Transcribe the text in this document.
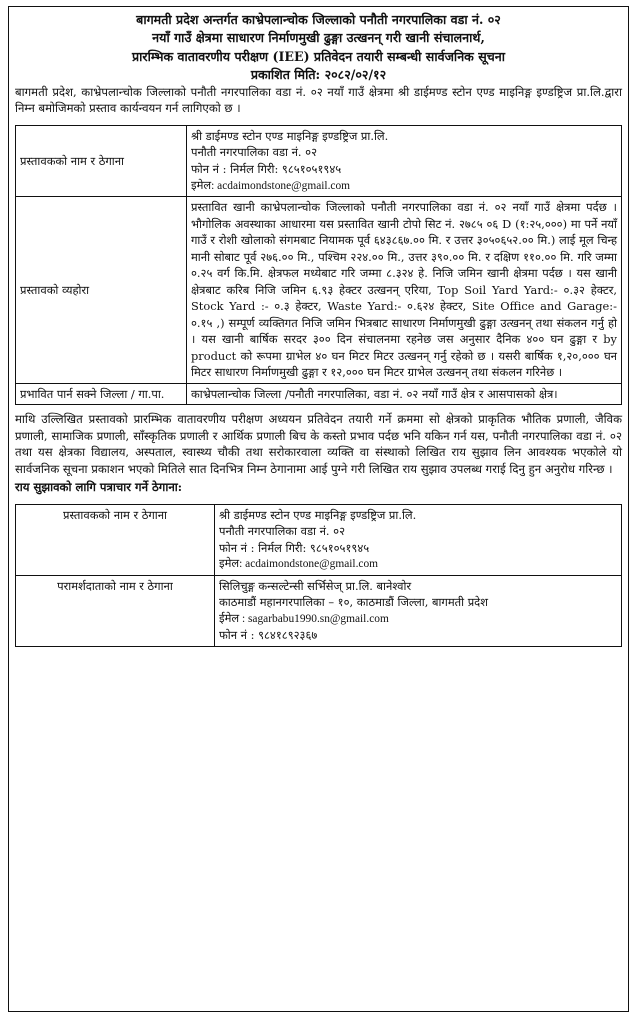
बागमती प्रदेश अन्तर्गत काभ्रेपलान्चोक जिल्लाको पनौती नगरपालिका वडा नं. ०२
नयाँ गाउँ क्षेत्रमा साधारण निर्माणमुखी ढुङ्गा उत्खनन् गरी खानी संचालनार्थ,
प्रारम्भिक वातावरणीय परीक्षण (IEE) प्रतिवेदन तयारी सम्बन्धी सार्वजनिक सूचना
प्रकाशित मिति: २०८२/०२/१२

बागमती प्रदेश, काभ्रेपलान्चोक जिल्लाको पनौती नगरपालिका वडा नं. ०२ नयाँ गाउँ क्षेत्रमा श्री डाईमण्ड स्टोन एण्ड माइनिङ्ग इण्डष्ट्रिज प्रा.लि.द्वारा निम्न बमोजिमको प्रस्ताव कार्यन्वयन गर्न लागिएको छ ।

प्रस्तावकको नाम र ठेगाना	श्री डाईमण्ड स्टोन एण्ड माइनिङ्ग इण्डष्ट्रिज प्रा.लि.
पनौती नगरपालिका वडा नं. ०२
फोन नं : निर्मल गिरी: ९८५१०५१९४५
इमेल: acdaimondstone@gmail.com

प्रस्तावको व्यहोरा	प्रस्तावित खानी काभ्रेपलान्चोक जिल्लाको पनौती नगरपालिका वडा नं. ०२ नयाँ गाउँ क्षेत्रमा पर्दछ । भौगोलिक अवस्थाका आधारमा यस प्रस्तावित खानी टोपो सिट नं. २७८५ ०६ D (१:२५,०००) मा पर्ने नयाँ गाउँ र रोशी खोलाको संगमबाट नियामक पूर्व ६४३८६७.०० मि. र उत्तर ३०५०६५२.०० मि.) लाई मूल चिन्ह मानी सोबाट पूर्व २७६.०० मि., पश्चिम २२४.०० मि., उत्तर ३९०.०० मि. र दक्षिण ११०.०० मि. गरि जम्मा ०.२५ वर्ग कि.मि. क्षेत्रफल मध्येबाट गरि जम्मा ८.३२४ हे. निजि जमिन खानी क्षेत्रमा पर्दछ । यस खानी क्षेत्रबाट करिब निजि जमिन ६.९३ हेक्टर उत्खनन् एरिया, Top Soil Yard Yard:- ०.३२ हेक्टर, Stock Yard :- ०.३ हेक्टर, Waste Yard:- ०.६२४ हेक्टर, Site Office and Garage:- ०.१५ ,) सम्पूर्ण व्यक्तिगत निजि जमिन भित्रबाट साधारण निर्माणमुखी ढुङ्गा उत्खनन् तथा संकलन गर्नु हो । यस खानी बार्षिक सरदर ३०० दिन संचालनमा रहनेछ जस अनुसार दैनिक ४०० घन ढुङ्गा र by product को रूपमा ग्राभेल ४० घन मिटर मिटर उत्खनन् गर्नु रहेको छ । यसरी बार्षिक १,२०,००० घन मिटर साधारण निर्माणमुखी ढुङ्गा र १२,००० घन मिटर ग्राभेल उत्खनन् तथा संकलन गरिनेछ ।
प्रभावित पार्न सक्ने जिल्ला / गा.पा.	काभ्रेपलान्चोक जिल्ला /पनौती नगरपालिका, वडा नं. ०२ नयाँ गाउँ क्षेत्र र आसपासको क्षेत्र।

माथि उल्लिखित प्रस्तावको प्रारम्भिक वातावरणीय परीक्षण अध्ययन प्रतिवेदन तयारी गर्ने क्रममा सो क्षेत्रको प्राकृतिक भौतिक प्रणाली, जैविक प्रणाली, सामाजिक प्रणाली, साँस्कृतिक प्रणाली र आर्थिक प्रणाली बिच के कस्तो प्रभाव पर्दछ भनि यकिन गर्न यस, पनौती नगरपालिका वडा नं. ०२ तथा यस क्षेत्रका विद्यालय, अस्पताल, स्वास्थ्य चौकी तथा सरोकारवाला व्यक्ति वा संस्थाको लिखित राय सुझाव लिन आवश्यक भएकोले यो सार्वजनिक सूचना प्रकाशन भएको मितिले सात दिनभित्र निम्न ठेगानामा आई पुग्ने गरी लिखित राय सुझाव उपलब्ध गराई दिनु हुन अनुरोध गरिन्छ ।

राय सुझावको लागि पत्राचार गर्ने ठेगाना:

प्रस्तावकको नाम र ठेगाना	श्री डाईमण्ड स्टोन एण्ड माइनिङ्ग इण्डष्ट्रिज प्रा.लि.
पनौती नगरपालिका वडा नं. ०२
फोन नं : निर्मल गिरी: ९८५१०५१९४५
इमेल: acdaimondstone@gmail.com

परामर्शदाताको नाम र ठेगाना	सिलिचुङ्ग कन्सल्टेन्सी सर्भिसेज् प्रा.लि. बानेश्वोर
काठमाडौं महानगरपालिका – १०, काठमाडौं जिल्ला, बागमती प्रदेश
ईमेल : sagarbabu1990.sn@gmail.com
फोन नं : ९८४१८९२३६७
